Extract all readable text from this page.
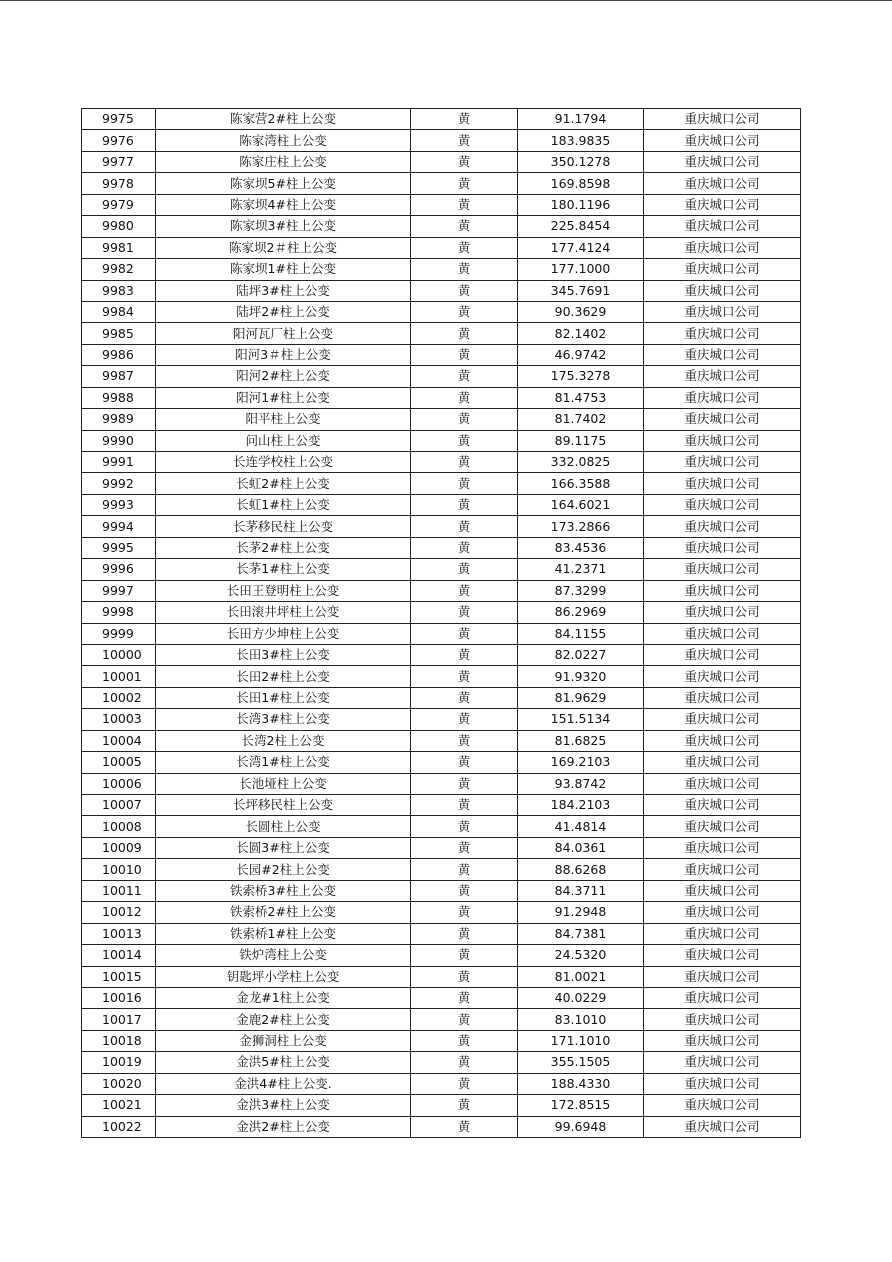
9975	陈家营2#柱上公变	黄	91.1794	重庆城口公司
9976	陈家湾柱上公变	黄	183.9835	重庆城口公司
9977	陈家庄柱上公变	黄	350.1278	重庆城口公司
9978	陈家坝5#柱上公变	黄	169.8598	重庆城口公司
9979	陈家坝4#柱上公变	黄	180.1196	重庆城口公司
9980	陈家坝3#柱上公变	黄	225.8454	重庆城口公司
9981	陈家坝2＃柱上公变	黄	177.4124	重庆城口公司
9982	陈家坝1#柱上公变	黄	177.1000	重庆城口公司
9983	陆坪3#柱上公变	黄	345.7691	重庆城口公司
9984	陆坪2#柱上公变	黄	90.3629	重庆城口公司
9985	阳河瓦厂柱上公变	黄	82.1402	重庆城口公司
9986	阳河3＃柱上公变	黄	46.9742	重庆城口公司
9987	阳河2#柱上公变	黄	175.3278	重庆城口公司
9988	阳河1#柱上公变	黄	81.4753	重庆城口公司
9989	阳平柱上公变	黄	81.7402	重庆城口公司
9990	问山柱上公变	黄	89.1175	重庆城口公司
9991	长连学校柱上公变	黄	332.0825	重庆城口公司
9992	长虹2#柱上公变	黄	166.3588	重庆城口公司
9993	长虹1#柱上公变	黄	164.6021	重庆城口公司
9994	长茅移民柱上公变	黄	173.2866	重庆城口公司
9995	长茅2#柱上公变	黄	83.4536	重庆城口公司
9996	长茅1#柱上公变	黄	41.2371	重庆城口公司
9997	长田王登明柱上公变	黄	87.3299	重庆城口公司
9998	长田滚井坪柱上公变	黄	86.2969	重庆城口公司
9999	长田方少坤柱上公变	黄	84.1155	重庆城口公司
10000	长田3#柱上公变	黄	82.0227	重庆城口公司
10001	长田2#柱上公变	黄	91.9320	重庆城口公司
10002	长田1#柱上公变	黄	81.9629	重庆城口公司
10003	长湾3#柱上公变	黄	151.5134	重庆城口公司
10004	长湾2柱上公变	黄	81.6825	重庆城口公司
10005	长湾1#柱上公变	黄	169.2103	重庆城口公司
10006	长池垭柱上公变	黄	93.8742	重庆城口公司
10007	长坪移民柱上公变	黄	184.2103	重庆城口公司
10008	长圆柱上公变	黄	41.4814	重庆城口公司
10009	长圆3#柱上公变	黄	84.0361	重庆城口公司
10010	长园#2柱上公变	黄	88.6268	重庆城口公司
10011	铁索桥3#柱上公变	黄	84.3711	重庆城口公司
10012	铁索桥2#柱上公变	黄	91.2948	重庆城口公司
10013	铁索桥1#柱上公变	黄	84.7381	重庆城口公司
10014	铁炉湾柱上公变	黄	24.5320	重庆城口公司
10015	钥匙坪小学柱上公变	黄	81.0021	重庆城口公司
10016	金龙#1柱上公变	黄	40.0229	重庆城口公司
10017	金鹿2#柱上公变	黄	83.1010	重庆城口公司
10018	金狮洞柱上公变	黄	171.1010	重庆城口公司
10019	金洪5#柱上公变	黄	355.1505	重庆城口公司
10020	金洪4#柱上公变.	黄	188.4330	重庆城口公司
10021	金洪3#柱上公变	黄	172.8515	重庆城口公司
10022	金洪2#柱上公变	黄	99.6948	重庆城口公司
